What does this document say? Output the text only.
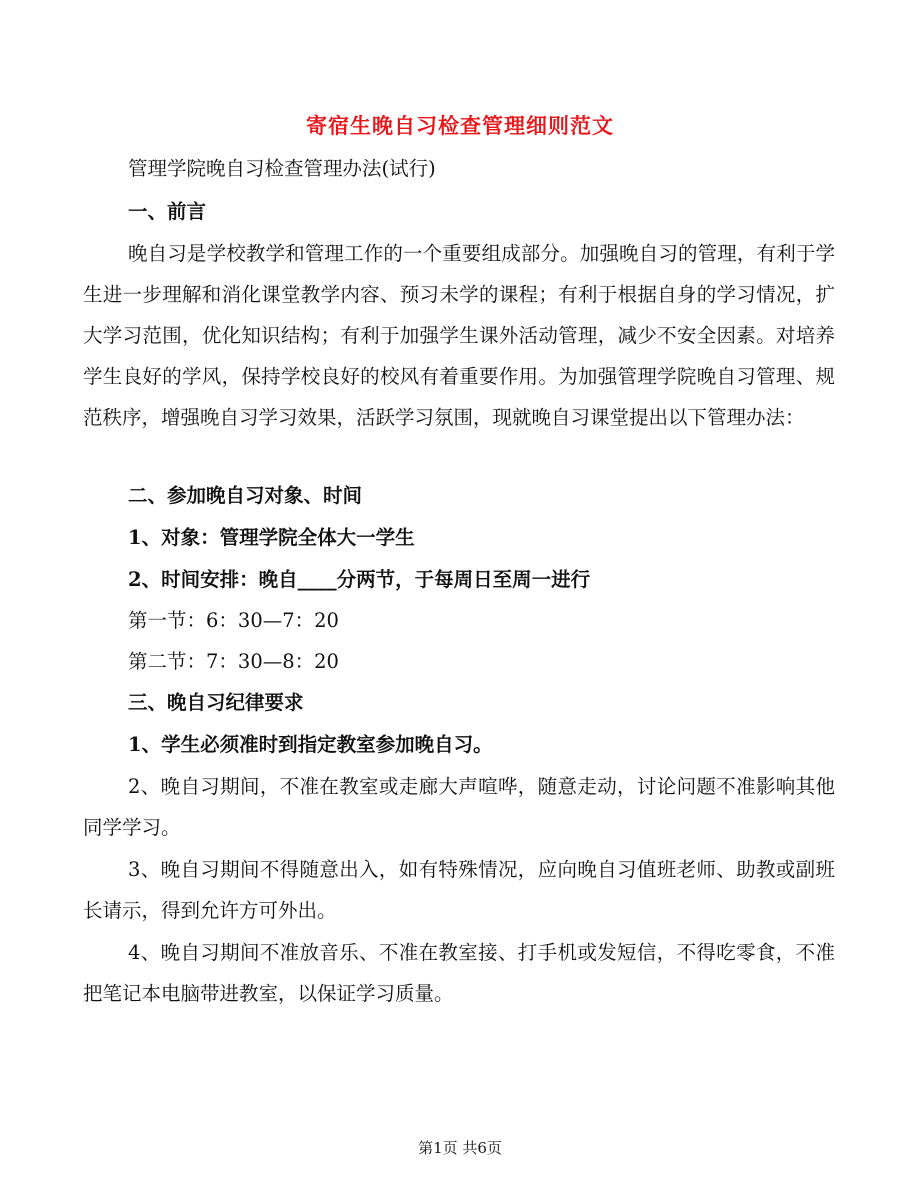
寄宿生晚自习检查管理细则范文
管理学院晚自习检查管理办法(试行)
一、前言
晚自习是学校教学和管理工作的一个重要组成部分。加强晚自习的管理，有利于学生进一步理解和消化课堂教学内容、预习未学的课程；有利于根据自身的学习情况，扩大学习范围，优化知识结构；有利于加强学生课外活动管理，减少不安全因素。对培养学生良好的学风，保持学校良好的校风有着重要作用。为加强管理学院晚自习管理、规范秩序，增强晚自习学习效果，活跃学习氛围，现就晚自习课堂提出以下管理办法：
二、参加晚自习对象、时间
1、对象：管理学院全体大一学生
2、时间安排：晚自____分两节，于每周日至周一进行
第一节：6：30—7：20
第二节：7：30—8：20
三、晚自习纪律要求
1、学生必须准时到指定教室参加晚自习。
2、晚自习期间，不准在教室或走廊大声喧哗，随意走动，讨论问题不准影响其他同学学习。
3、晚自习期间不得随意出入，如有特殊情况，应向晚自习值班老师、助教或副班长请示，得到允许方可外出。
4、晚自习期间不准放音乐、不准在教室接、打手机或发短信，不得吃零食，不准把笔记本电脑带进教室，以保证学习质量。
第1页 共6页
